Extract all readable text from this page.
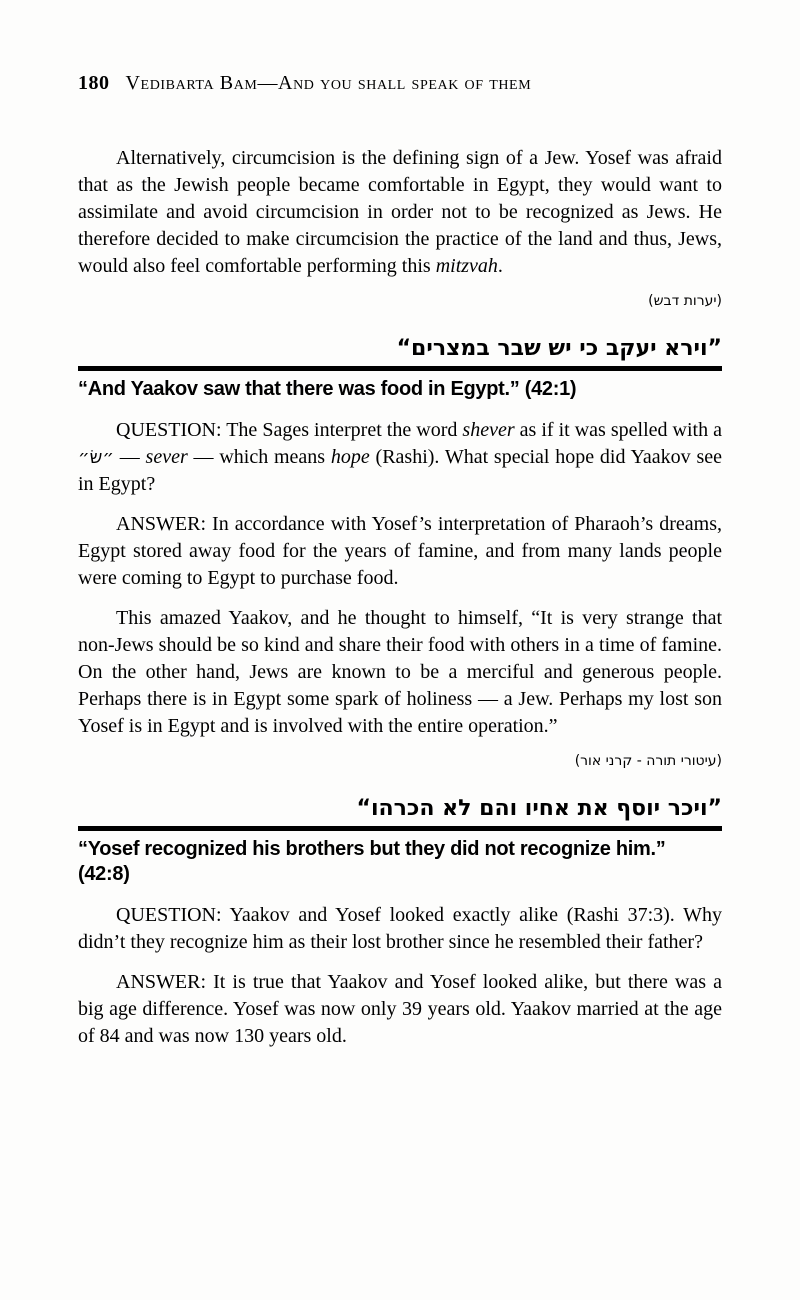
180 Vedibarta Bam—And you shall speak of them

Alternatively, circumcision is the defining sign of a Jew. Yosef was afraid that as the Jewish people became comfortable in Egypt, they would want to assimilate and avoid circumcision in order not to be recognized as Jews. He therefore decided to make circumcision the practice of the land and thus, Jews, would also feel comfortable performing this mitzvah.

(יערות דבש)

”וירא יעקב כי יש שבר במצרים“
“And Yaakov saw that there was food in Egypt.” (42:1)

QUESTION: The Sages interpret the word shever as if it was spelled with a ״שׂ״ — sever — which means hope (Rashi). What special hope did Yaakov see in Egypt?

ANSWER: In accordance with Yosef’s interpretation of Pharaoh’s dreams, Egypt stored away food for the years of famine, and from many lands people were coming to Egypt to purchase food.

This amazed Yaakov, and he thought to himself, “It is very strange that non-Jews should be so kind and share their food with others in a time of famine. On the other hand, Jews are known to be a merciful and generous people. Perhaps there is in Egypt some spark of holiness — a Jew. Perhaps my lost son Yosef is in Egypt and is involved with the entire operation.”

(עיטורי תורה - קרני אור)

”ויכר יוסף את אחיו והם לא הכרהו“
“Yosef recognized his brothers but they did not recognize him.” (42:8)

QUESTION: Yaakov and Yosef looked exactly alike (Rashi 37:3). Why didn’t they recognize him as their lost brother since he resembled their father?

ANSWER: It is true that Yaakov and Yosef looked alike, but there was a big age difference. Yosef was now only 39 years old. Yaakov married at the age of 84 and was now 130 years old.
